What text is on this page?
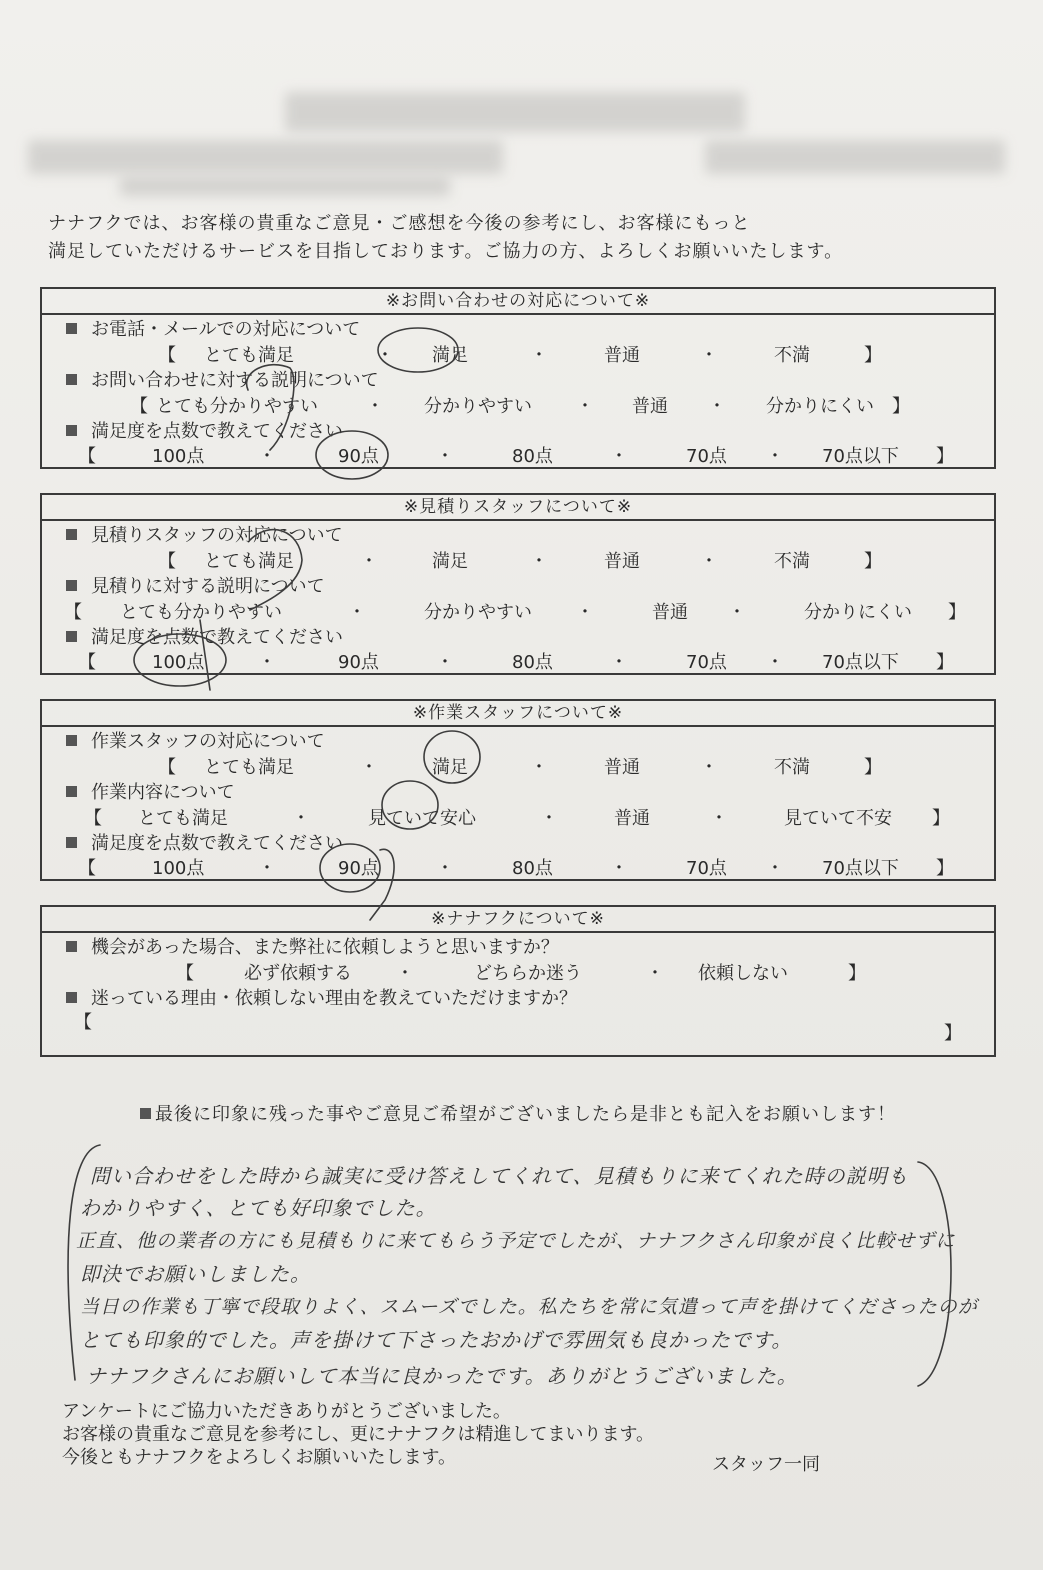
ナナフクでは、お客様の貴重なご意見・ご感想を今後の参考にし、お客様にもっと
満足していただけるサービスを目指しております。ご協力の方、よろしくお願いいたします。
※お問い合わせの対応について※
お電話・メールでの対応について
【 とても満足	・ 満足	・	普通	・	不満	】
お問い合わせに対する説明について
【 とても分かりやすい	・ 分かりやすい ・ 普通 ・ 分かりにくい 】
満足度を点数で教えてください
【	100点	・	90点	・	80点	・	70点 ・ 70点以下 】
※見積りスタッフについて※
見積りスタッフの対応について
【 とても満足	・	満足	・	普通	・	不満	】
見積りに対する説明について
【 とても分かりやすい	・	分かりやすい ・	普通 ・	分かりにくい 】
満足度を点数で教えてください
【	100点	・	90点	・	80点	・	70点 ・ 70点以下 】
※作業スタッフについて※
作業スタッフの対応について
【 とても満足	・	満足	・	普通	・	不満	】
作業内容について
【 とても満足	・	見ていて安心	・	普通	・	見ていて不安 】
満足度を点数で教えてください
【	100点	・	90点	・	80点	・	70点 ・ 70点以下 】
※ナナフクについて※
機会があった場合、また弊社に依頼しようと思いますか？
【	必ず依頼する ・	どちらか迷う	・ 依頼しない	】
迷っている理由・依頼しない理由を教えていただけますか？
【
】
最後に印象に残った事やご意見ご希望がございましたら是非とも記入をお願いします！
問い合わせをした時から誠実に受け答えしてくれて、見積もりに来てくれた時の説明も
わかりやすく、とても好印象でした。
正直、他の業者の方にも見積もりに来てもらう予定でしたが、ナナフクさん印象が良く比較せずに
即決でお願いしました。
当日の作業も丁寧で段取りよく、スムーズでした。私たちを常に気遣って声を掛けてくださったのが
とても印象的でした。声を掛けて下さったおかげで雰囲気も良かったです。
ナナフクさんにお願いして本当に良かったです。ありがとうございました。
アンケートにご協力いただきありがとうございました。
お客様の貴重なご意見を参考にし、更にナナフクは精進してまいります。
今後ともナナフクをよろしくお願いいたします。	スタッフ一同
